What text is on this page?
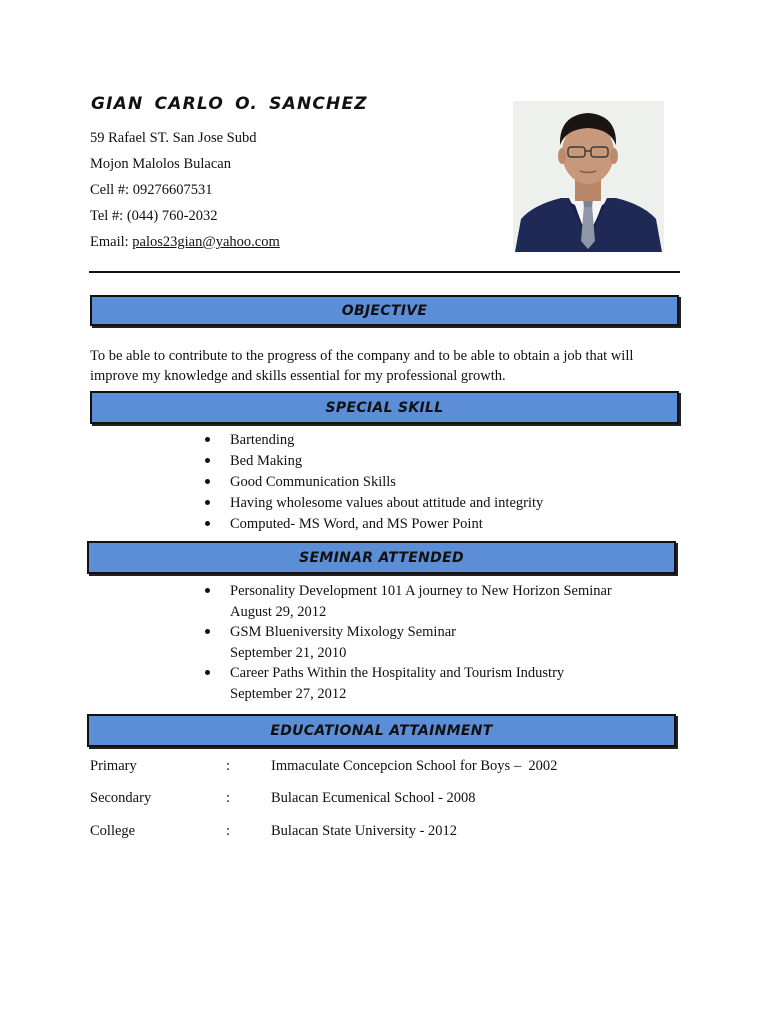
GIAN CARLO O. SANCHEZ
59 Rafael ST. San Jose Subd
Mojon Malolos Bulacan
Cell #: 09276607531
Tel #: (044) 760-2032
Email: palos23gian@yahoo.com
OBJECTIVE
To be able to contribute to the progress of the company and to be able to obtain a job that will improve my knowledge and skills essential for my professional growth.
SPECIAL SKILL
Bartending
Bed Making
Good Communication Skills
Having wholesome values about attitude and integrity
Computed- MS Word, and MS Power Point
SEMINAR ATTENDED
Personality Development 101 A journey to New Horizon Seminar
August 29, 2012
GSM Blueniversity Mixology Seminar
September 21, 2010
Career Paths Within the Hospitality and Tourism Industry
September 27, 2012
EDUCATIONAL ATTAINMENT
Primary	:	Immaculate Concepcion School for Boys –  2002
Secondary	:	Bulacan Ecumenical School - 2008
College	:	Bulacan State University - 2012
